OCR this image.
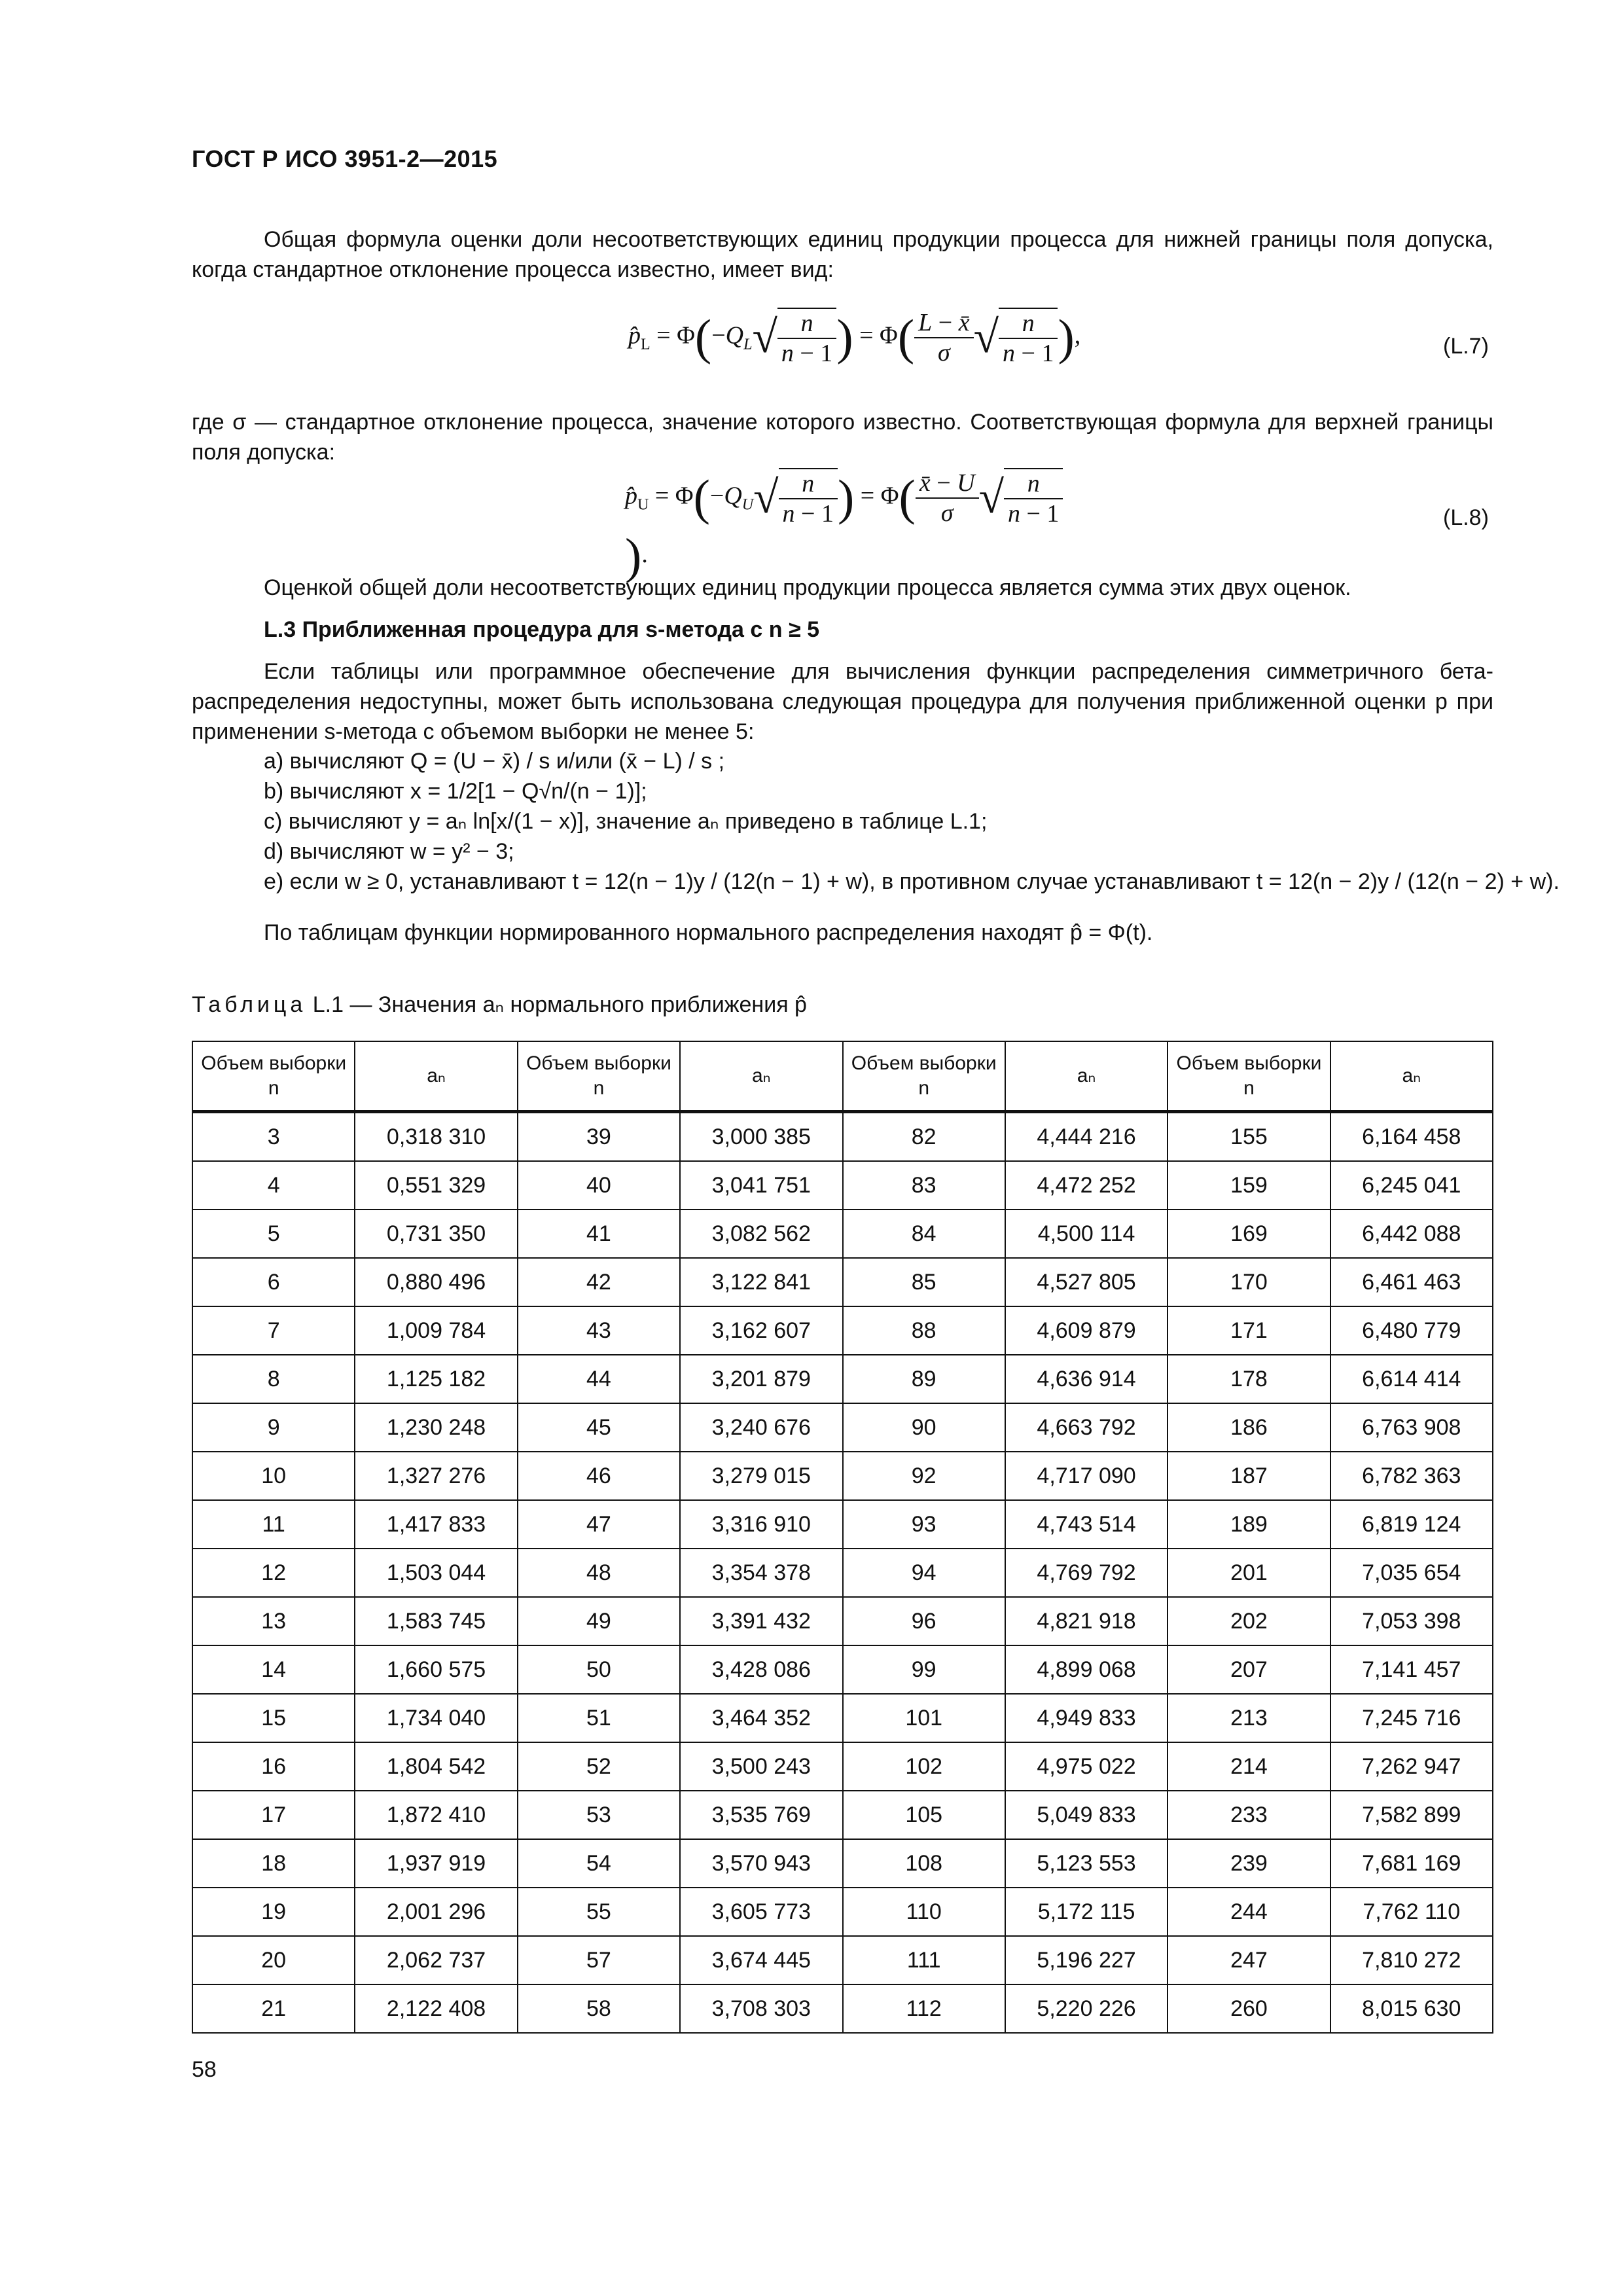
ГОСТ Р ИСО 3951-2—2015
Общая формула оценки доли несоответствующих единиц продукции процесса для нижней границы поля допуска, когда стандартное отклонение процесса известно, имеет вид:
$p̂_L = \Phi(-Q_L√ \frac{n}{n - 1}$ ) = $\Phi( \frac{L - x̄}{\sigma}$ √ $\frac{n}{n - 1}$ ),	(L.7)
где σ — стандартное отклонение процесса, значение которого известно. Соответствующая формула для верхней границы поля допуска:
$p̂_U = \Phi(-Q_U√ \frac{n}{n - 1}$ ) = $\Phi( \frac{x̄ - U}{\sigma}$ √ $\frac{n}{n - 1}$
).
(L.8)
Оценкой общей доли несоответствующих единиц продукции процесса является сумма этих двух оценок.
L.3 Приближенная процедура для s-метода с n ≥ 5
Если таблицы или программное обеспечение для вычисления функции распределения симметричного бетараспределения недоступны, может быть использована следующая процедура для получения приближенной оценки p при применении s-метода с объемом выборки не менее 5:
а) вычисляют Q = (U − x̄) / s и/или (x̄ − L) / s ;
b) вычисляют x = 1/2[1 − Q√n/(n − 1)];
с) вычисляют y = aₙ ln[x/(1 − x)], значение aₙ приведено в таблице L.1;
d) вычисляют w = y² − 3;
е) если w ≥ 0, устанавливают t = 12(n − 1)y / (12(n − 1) + w), в противном случае устанавливают t = 12(n − 2)y / (12(n − 2) + w).
По таблицам функции нормированного нормального распределения находят p̂ = Φ(t).
Таблица L.1 — Значения aₙ нормального приближения p̂
Объем выборки n	aₙ	Объем выборки n	aₙ	Объем выборки n	aₙ	Объем выборки n	aₙ
3	0,318 310	39	3,000 385	82	4,444 216	155	6,164 458
4	0,551 329	40	3,041 751	83	4,472 252	159	6,245 041
5	0,731 350	41	3,082 562	84	4,500 114	169	6,442 088
6	0,880 496	42	3,122 841	85	4,527 805	170	6,461 463
7	1,009 784	43	3,162 607	88	4,609 879	171	6,480 779
8	1,125 182	44	3,201 879	89	4,636 914	178	6,614 414
9	1,230 248	45	3,240 676	90	4,663 792	186	6,763 908
10	1,327 276	46	3,279 015	92	4,717 090	187	6,782 363
11	1,417 833	47	3,316 910	93	4,743 514	189	6,819 124
12	1,503 044	48	3,354 378	94	4,769 792	201	7,035 654
13	1,583 745	49	3,391 432	96	4,821 918	202	7,053 398
14	1,660 575	50	3,428 086	99	4,899 068	207	7,141 457
15	1,734 040	51	3,464 352	101	4,949 833	213	7,245 716
16	1,804 542	52	3,500 243	102	4,975 022	214	7,262 947
17	1,872 410	53	3,535 769	105	5,049 833	233	7,582 899
18	1,937 919	54	3,570 943	108	5,123 553	239	7,681 169
19	2,001 296	55	3,605 773	110	5,172 115	244	7,762 110
20	2,062 737	57	3,674 445	111	5,196 227	247	7,810 272
21	2,122 408	58	3,708 303	112	5,220 226	260	8,015 630
58
